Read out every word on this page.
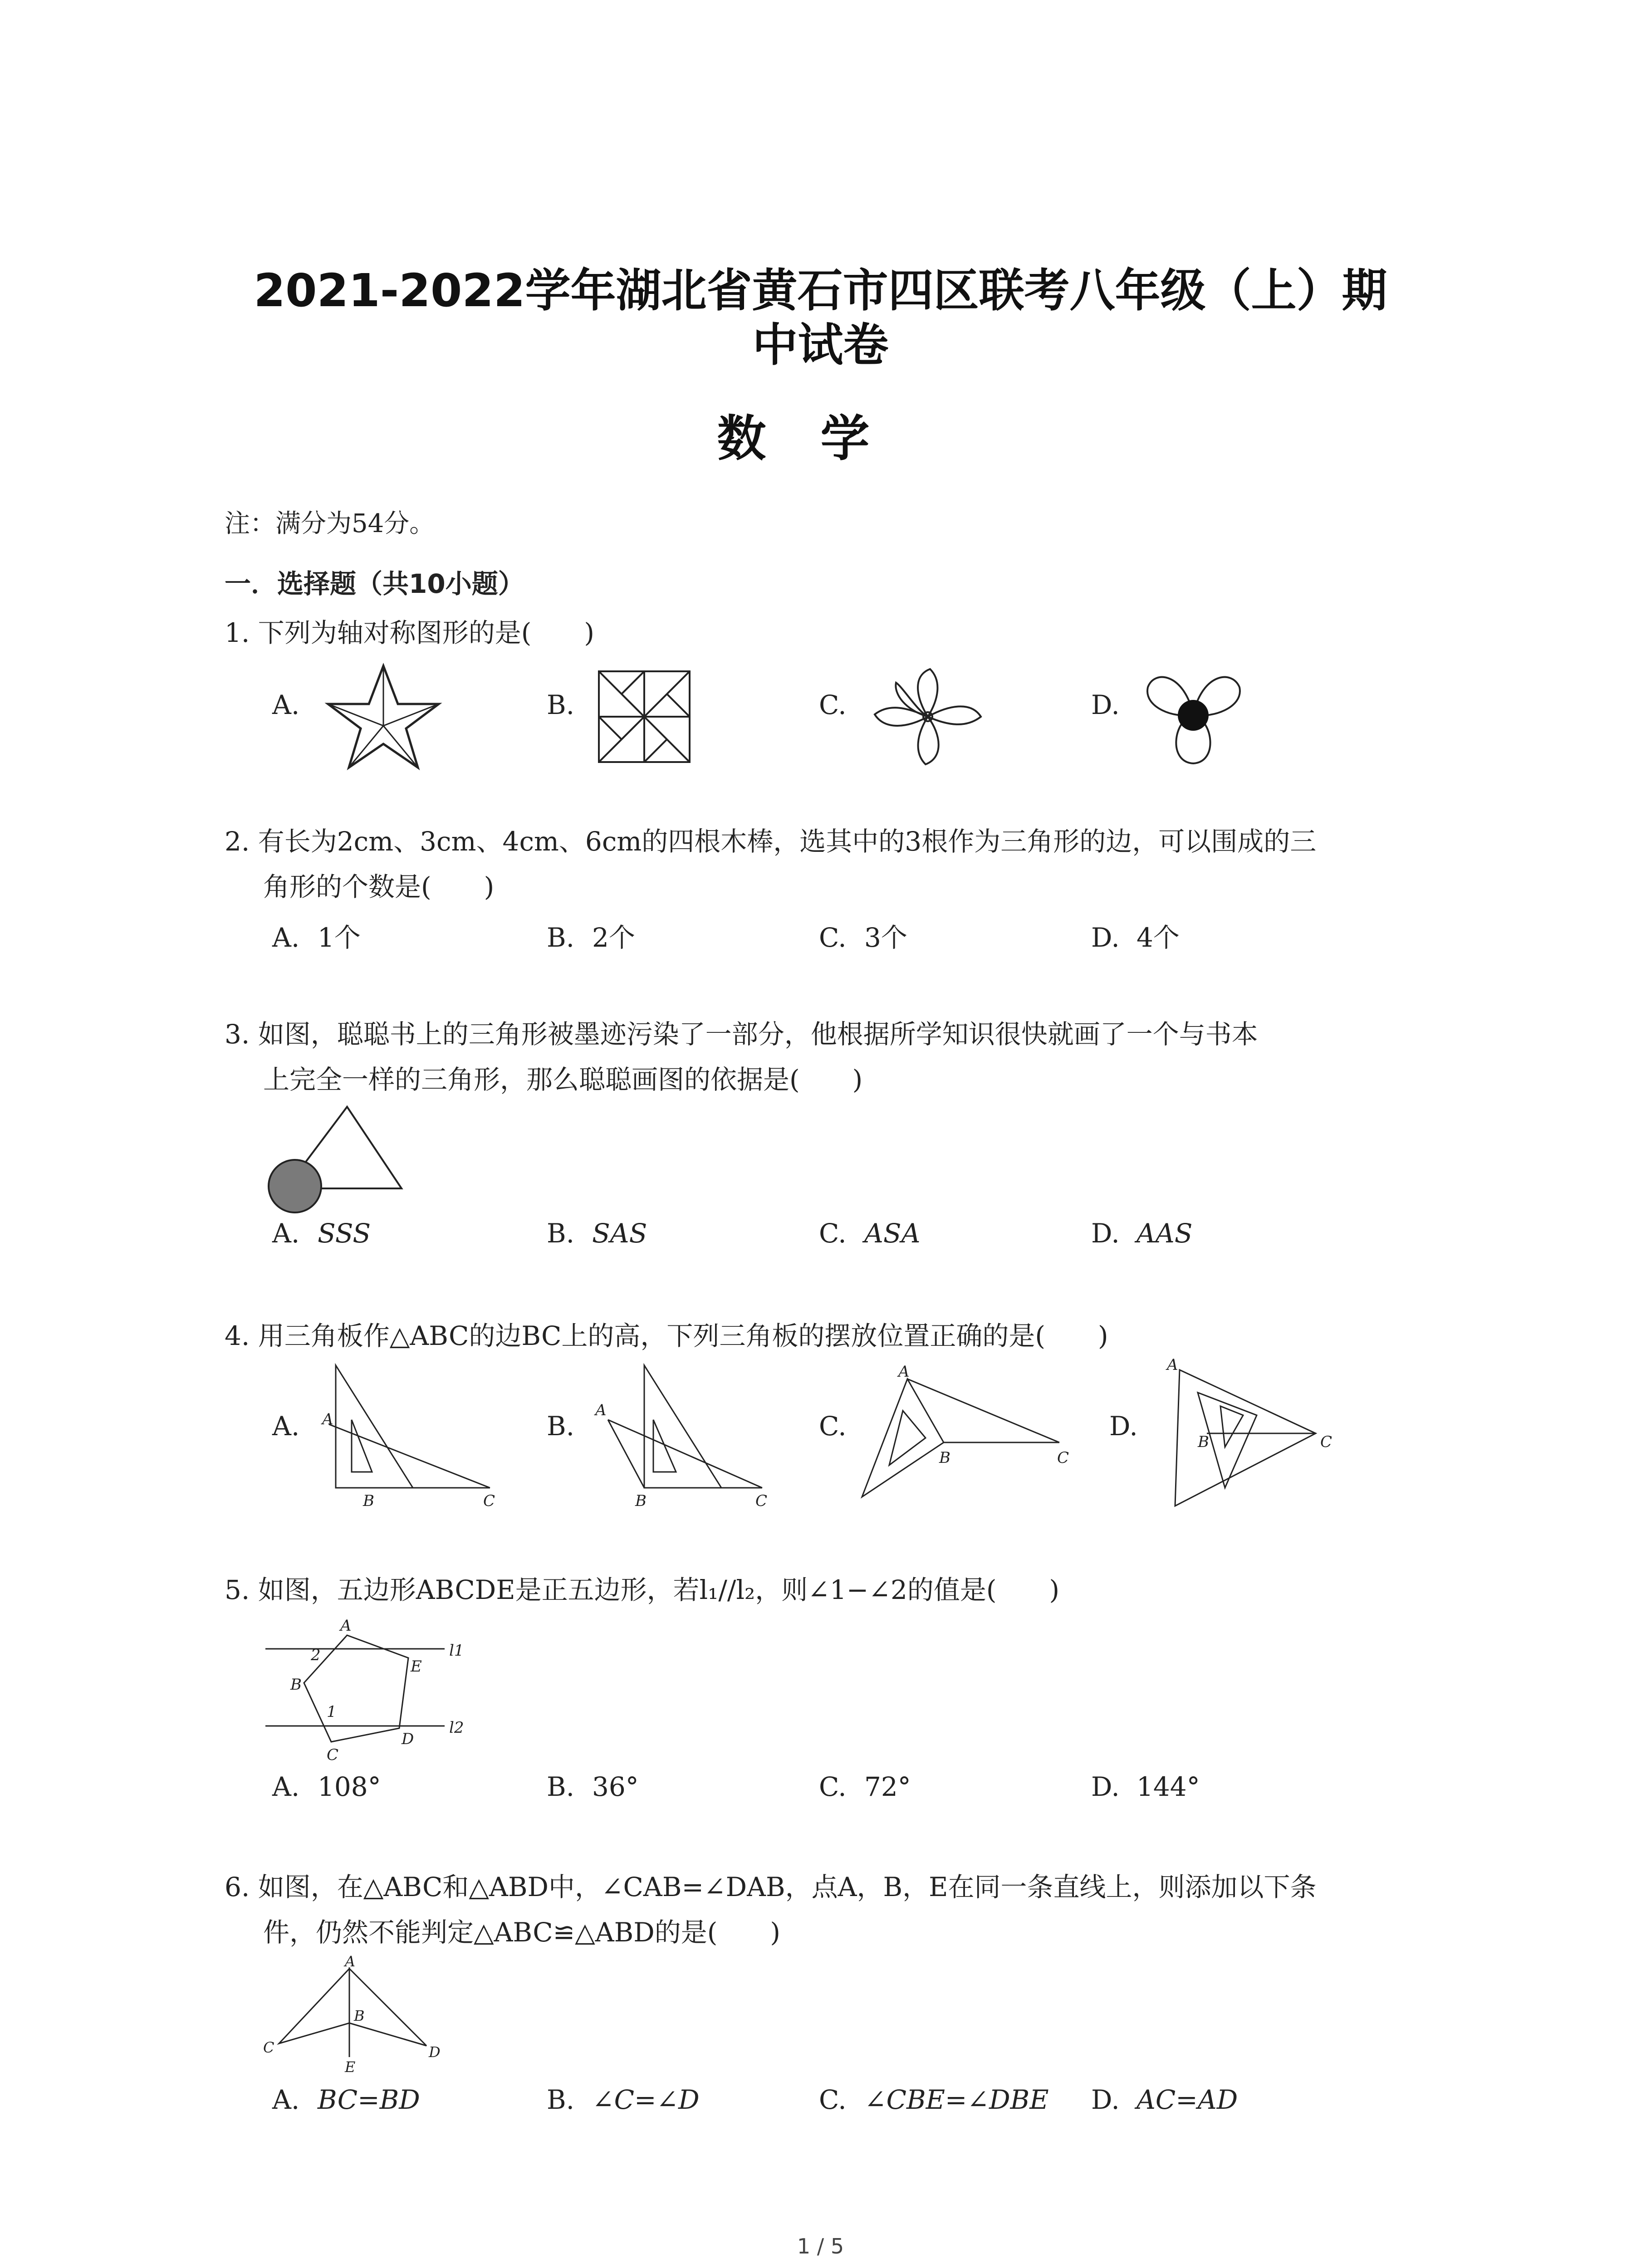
2021-2022学年湖北省黄石市四区联考八年级（上）期
中试卷
数学
注：满分为54分。
一．选择题（共10小题）
1. 下列为轴对称图形的是(　　)
A.	B.	C.	D.
2. 有长为2cm、3cm、4cm、6cm的四根木棒，选其中的3根作为三角形的边，可以围成的三
角形的个数是(　　)
A. 1个	B. 2个	C. 3个	D. 4个
3. 如图，聪聪书上的三角形被墨迹污染了一部分，他根据所学知识很快就画了一个与书本
上完全一样的三角形，那么聪聪画图的依据是(　　)
A. SSS	B. SAS	C. ASA	D. AAS
4. 用三角板作△ABC的边BC上的高，下列三角板的摆放位置正确的是(　　)
A.	B.	C.	D.
A
B	C
A
B	C
A
B	C
A
B	C
5. 如图，五边形ABCDE是正五边形，若l₁//l₂，则∠1−∠2的值是(　　)
A
B
C
D
E
1
2	l1
l2
A. 108°	B. 36°	C. 72°	D. 144°
6. 如图，在△ABC和△ABD中，∠CAB=∠DAB，点A，B，E在同一条直线上，则添加以下条
件，仍然不能判定△ABC≌△ABD的是(　　)
A
B
C	D
E
A. BC=BD	B. ∠C=∠D	C. ∠CBE=∠DBE D. AC=AD
1 / 5
